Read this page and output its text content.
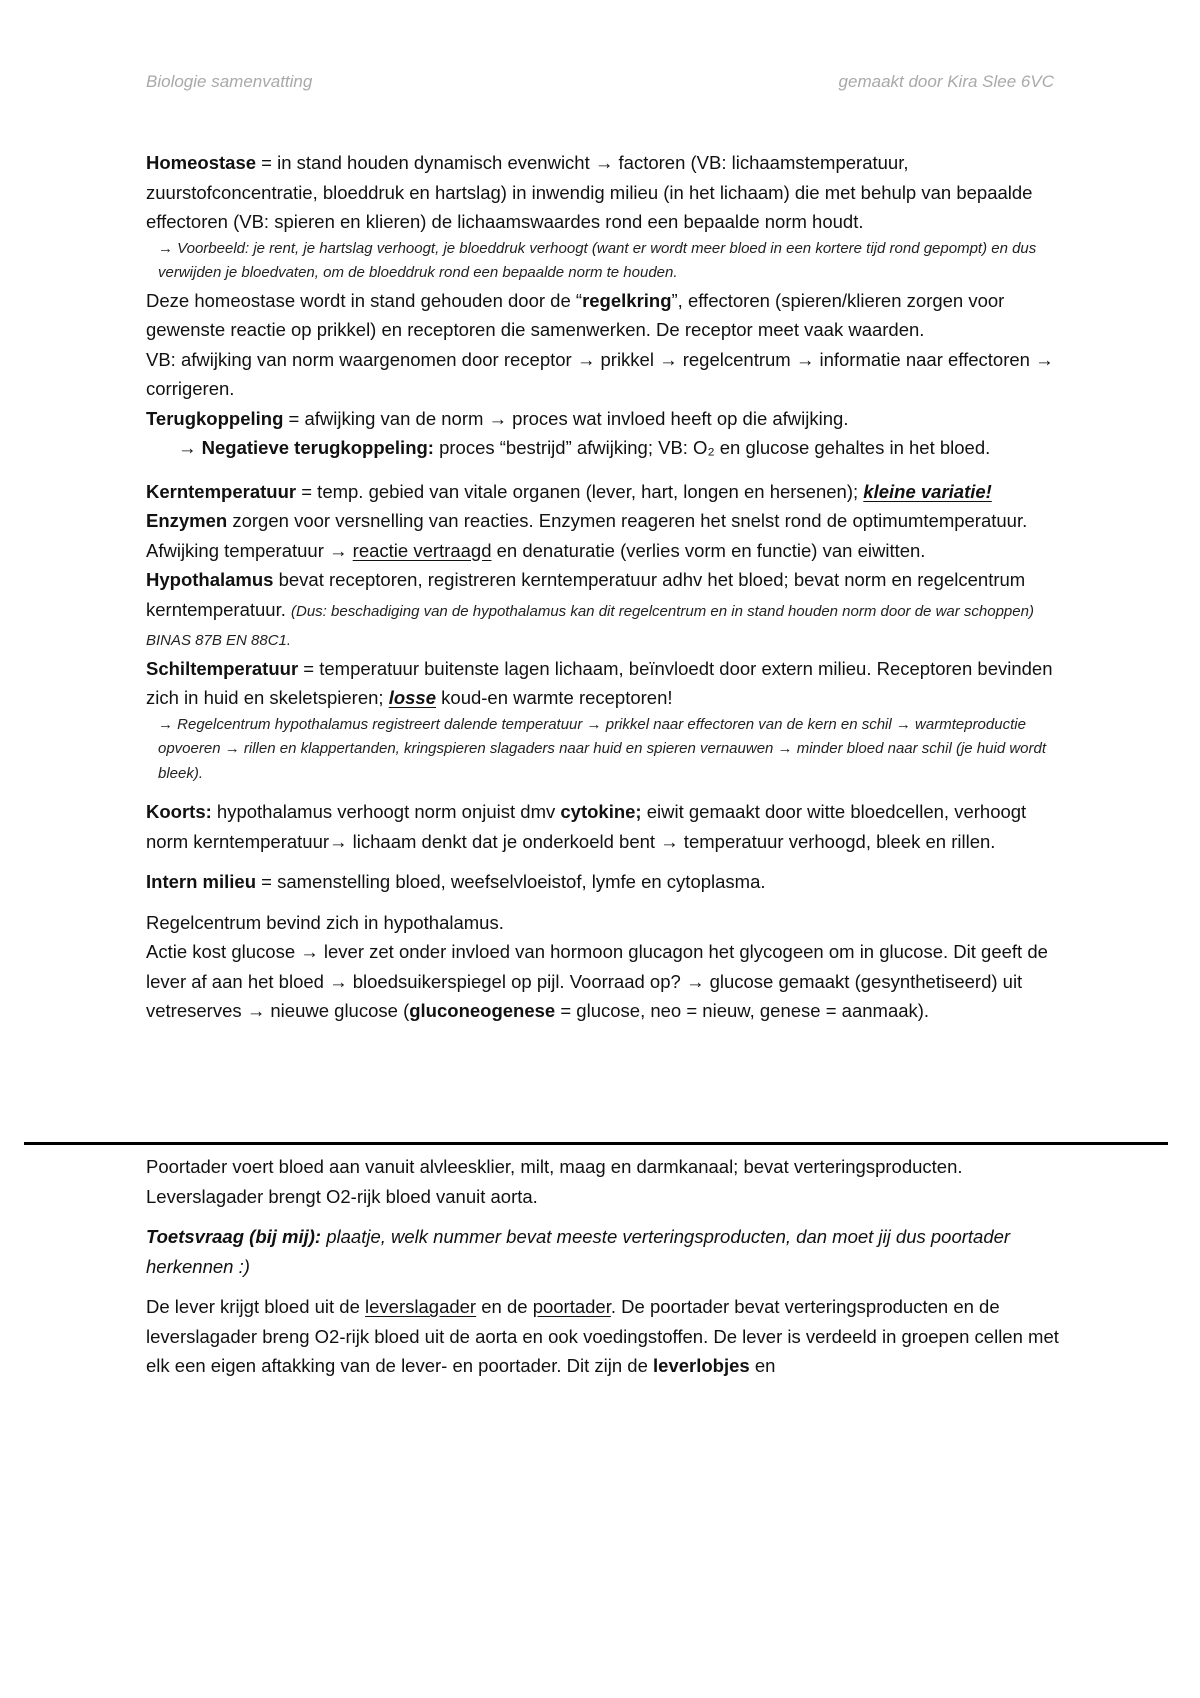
Biologie samenvatting	gemaakt door Kira Slee 6VC

Homeostase = in stand houden dynamisch evenwicht → factoren (VB: lichaamstemperatuur, zuurstofconcentratie, bloeddruk en hartslag) in inwendig milieu (in het lichaam) die met behulp van bepaalde effectoren (VB: spieren en klieren) de lichaamswaardes rond een bepaalde norm houdt.

→ Voorbeeld: je rent, je hartslag verhoogt, je bloeddruk verhoogt (want er wordt meer bloed in een kortere tijd rond gepompt) en dus verwijden je bloedvaten, om de bloeddruk rond een bepaalde norm te houden.

Deze homeostase wordt in stand gehouden door de “regelkring”, effectoren (spieren/klieren zorgen voor gewenste reactie op prikkel) en receptoren die samenwerken. De receptor meet vaak waarden.

VB: afwijking van norm waargenomen door receptor → prikkel → regelcentrum → informatie naar effectoren → corrigeren.

Terugkoppeling = afwijking van de norm → proces wat invloed heeft op die afwijking.

→ Negatieve terugkoppeling: proces “bestrijd” afwijking; VB: O₂ en glucose gehaltes in het bloed.

Kerntemperatuur = temp. gebied van vitale organen (lever, hart, longen en hersenen); kleine variatie!

Enzymen zorgen voor versnelling van reacties. Enzymen reageren het snelst rond de optimumtemperatuur. Afwijking temperatuur → reactie vertraagd en denaturatie (verlies vorm en functie) van eiwitten.

Hypothalamus bevat receptoren, registreren kerntemperatuur adhv het bloed; bevat norm en regelcentrum kerntemperatuur. (Dus: beschadiging van de hypothalamus kan dit regelcentrum en in stand houden norm door de war schoppen) BINAS 87B EN 88C1.

Schiltemperatuur = temperatuur buitenste lagen lichaam, beïnvloedt door extern milieu. Receptoren bevinden zich in huid en skeletspieren; losse koud-en warmte receptoren!

→ Regelcentrum hypothalamus registreert dalende temperatuur → prikkel naar effectoren van de kern en schil → warmteproductie opvoeren → rillen en klappertanden, kringspieren slagaders naar huid en spieren vernauwen → minder bloed naar schil (je huid wordt bleek).

Koorts: hypothalamus verhoogt norm onjuist dmv cytokine; eiwit gemaakt door witte bloedcellen, verhoogt norm kerntemperatuur→ lichaam denkt dat je onderkoeld bent → temperatuur verhoogd, bleek en rillen.

Intern milieu = samenstelling bloed, weefselvloeistof, lymfe en cytoplasma.

Regelcentrum bevind zich in hypothalamus.

Actie kost glucose → lever zet onder invloed van hormoon glucagon het glycogeen om in glucose. Dit geeft de lever af aan het bloed → bloedsuikerspiegel op pijl. Voorraad op? → glucose gemaakt (gesynthetiseerd) uit vetreserves → nieuwe glucose (gluconeogenese = glucose, neo = nieuw, genese = aanmaak).

Poortader voert bloed aan vanuit alvleesklier, milt, maag en darmkanaal; bevat verteringsproducten.

Leverslagader brengt O2-rijk bloed vanuit aorta.

Toetsvraag (bij mij): plaatje, welk nummer bevat meeste verteringsproducten, dan moet jij dus poortader herkennen :)

De lever krijgt bloed uit de leverslagader en de poortader. De poortader bevat verteringsproducten en de leverslagader breng O2-rijk bloed uit de aorta en ook voedingstoffen. De lever is verdeeld in groepen cellen met elk een eigen aftakking van de lever- en poortader. Dit zijn de leverlobjes en
